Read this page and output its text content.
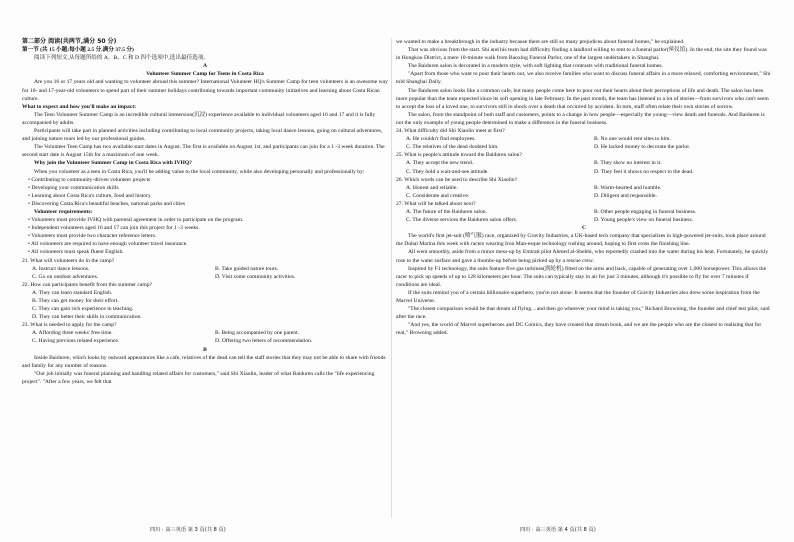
第二部分 阅读(共两节,满分 50 分)

第一节 (共 15 小题;每小题 2.5 分,满分 37.5 分)

阅读下列短文,从每题所给的 A、B、C 和 D 四个选项中,选出最佳选项。

A

Volunteer Summer Camp for Teens in Costa Rica

Are you 16 or 17 years old and wanting to volunteer abroad this summer? International Volunteer HQ's Summer Camp for teen volunteers is an awesome way for 16- and 17-year-old volunteers to spend part of their summer holidays contributing towards important community initiatives and learning about Costa Rican culture.

What to expect and how you'll make an impact:

The Teen Volunteer Summer Camp is an incredible cultural immersion(沉浸) experience available to individual volunteers aged 16 and 17 and it is fully accompanied by adults.

Participants will take part in planned activities including contributing to local community projects, taking local dance lessons, going on cultural adventures, and joining nature tours led by our professional guides.

The Volunteer Teen Camp has two available start dates in August. The first is available on August 1st, and participants can join for a 1 -3 week duration. The second start date is August 15th for a maximum of one week.

Why join the Volunteer Summer Camp in Costa Rica with IVHQ?

When you volunteer as a teen in Costa Rica, you'll be adding value to the local community, while also developing personally and professionally by:

• Contributing to community-driven volunteer projects

• Developing your communication skills

• Learning about Costa Rica's culture, food and history

• Discovering Costa Rica's beautiful beaches, national parks and cities

Volunteer requirements:

• Volunteers must provide IVHQ with parental agreement in order to participate on the program.

• Independent volunteers aged 16 and 17 can join this project for 1 -3 weeks.

• Volunteers must provide two character reference letters.

• All volunteers are required to have enough volunteer travel insurance.

• All volunteers must speak fluent English.

21. What will volunteers do in the camp?

A. Instruct dance lessons.	B. Take guided nature tours.
C. Go on outdoor adventures.	D. Visit some community activities.

22. How can participants benefit from this summer camp?

A. They can learn standard English.
B. They can get money for their effort.
C. They can gain rich experience in teaching.
D. They can better their skills in communication.

23. What is needed to apply for the camp?

A. Affording three weeks' free time.	B. Being accompanied by one parent.
C. Having previous related experience.	D. Offering two letters of recommendation.

B

Inside Baiduren, which looks by outward appearances like a cafe, relatives of the dead can tell the staff stories that they may not be able to share with friends and family for any number of reasons.

"Our job initially was funeral planning and handling related affairs for customers," said Shi Xiaolin, leader of what Baiduren calls the "life experiencing project". "After a few years, we felt that

we wanted to make a breakthrough in the industry because there are still so many prejudices about funeral homes," he explained.

That was obvious from the start. Shi and his team had difficulty finding a landlord willing to rent to a funeral parlor(殡仪馆). In the end, the site they found was in Hongkou District, a mere 10-minute walk from Baoxing Funeral Parlor, one of the largest undertakers in Shanghai.

The Baiduren salon is decorated in a modern style, with soft lighting that contrasts with traditional funeral homes.

"Apart from those who want to pour their hearts out, we also receive families who want to discuss funeral affairs in a more relaxed, comforting environment," Shi told Shanghai Daily.

The Baiduren salon looks like a common cafe, but many people come here to pour out their hearts about their perceptions of life and death. The salon has been more popular than the team expected since its soft opening in late February. In the past month, the team has listened to a lot of stories—from survivors who can't seem to accept the loss of a loved one, to survivors still in shock over a death that occurred by accident. In turn, staff often relate their own stories of sorrow.

The salon, from the standpoint of both staff and customers, points to a change in how people—especially the young—view death and funerals. And Baiduren is not the only example of young people determined to make a difference in the funeral business.

24. What difficulty did Shi Xiaolin meet at first?

A. He couldn't find employees.	B. No one would rent sites to him.
C. The relatives of the dead doubted him.	D. He lacked money to decorate the parlor.

25. What is people's attitude toward the Baiduren salon?

A. They accept the new trend.	B. They show no interest in it.
C. They hold a wait-and-see attitude.	D. They feel it shows no respect to the dead.

26. Which words can be used to describe Shi Xiaolin?

A. Honest and reliable.	B. Warm-hearted and humble.
C. Considerate and creative.	D. Diligent and responsible.

27. What will be talked about next?

A. The future of the Baiduren salon.	B. Other people engaging in funeral business.
C. The diverse services the Baiduren salon offers.	D. Young people's view on funeral business.

C

The world's first jet-suit (喷气服) race, organized by Gravity Industries, a UK-based tech company that specializes in high-powered jet-suits, took place around the Dubai Marina this week with racers wearing Iron Man-esque technology rushing around, hoping to first cross the finishing line.

All went smoothly, aside from a minor mess-up by Emirati pilot Ahmed al-Shehhi, who reportedly crashed into the water during his heat. Fortunately, he quickly rose to the water surface and gave a thumbs-up before being picked up by a rescue crew.

Inspired by F1 technology, the suits feature five gas turbines(涡轮机) fitted on the arms and back, capable of generating over 1,000 horsepower. This allows the racer to pick up speeds of up to 128 kilometers per hour. The suits can typically stay in air for just 3 minutes, although it's possible to fly for over 7 minutes if conditions are ideal.

If the suits remind you of a certain billionaire superhero, you're not alone. It seems that the founder of Gravity Industries also drew some inspiration from the Marvel Universe.

"The closest comparison would be that dream of flying…and then go wherever your mind is taking you," Richard Browning, the founder and chief test pilot, said after the race.

"And yes, the world of Marvel superheroes and DC Comics, they have created that dream book, and we are the people who are the closest to realising that for real," Browning added.

四川 · 高三英语 第 3 页(共 8 页)	四川 · 高三英语 第 4 页(共 8 页)
